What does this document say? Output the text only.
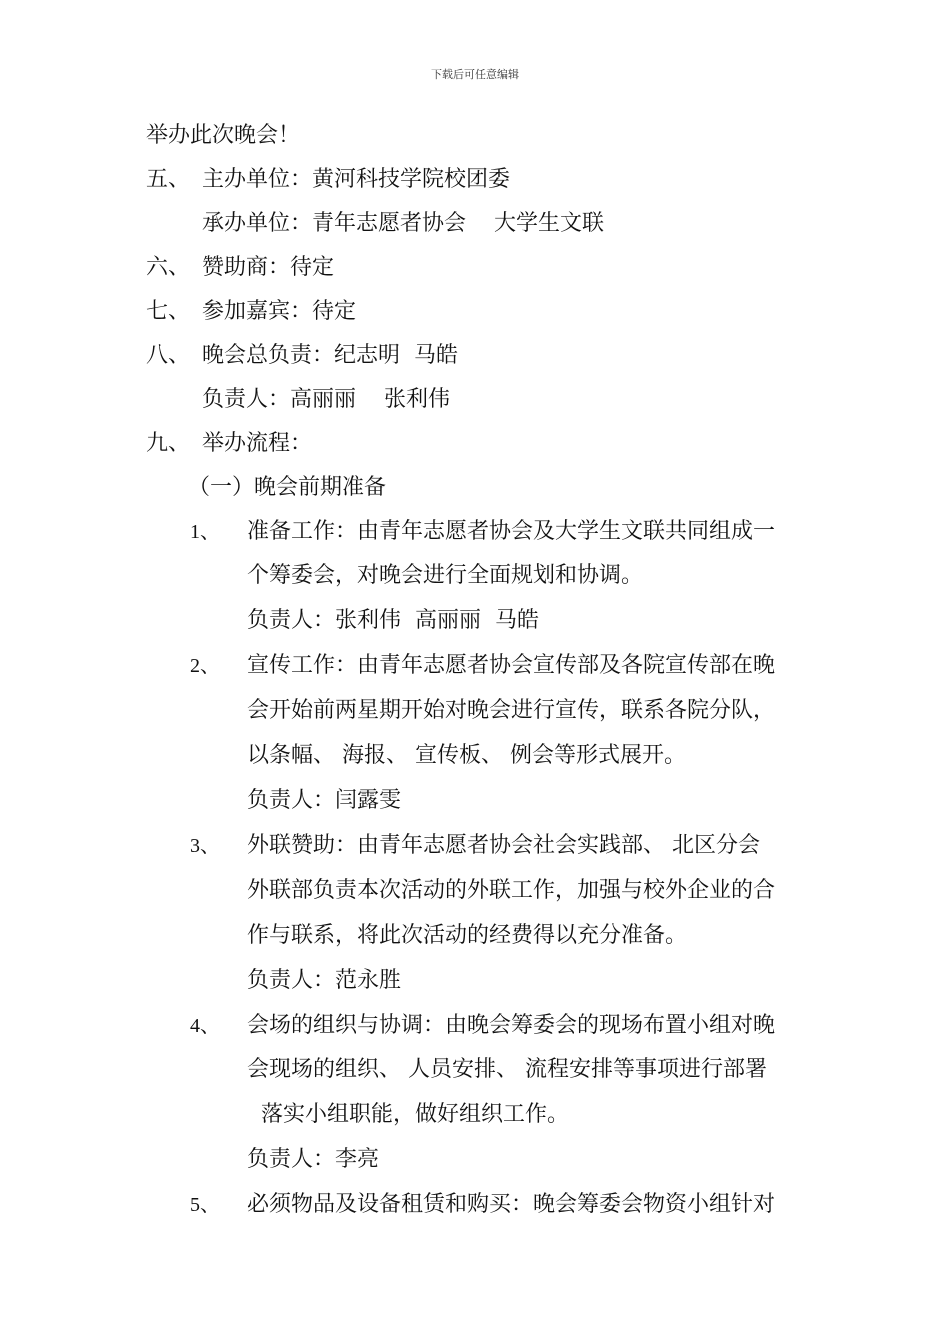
下载后可任意编辑
举办此次晚会！
五、 主办单位：黄河科技学院校团委
承办单位：青年志愿者协会    大学生文联
六、 赞助商：待定
七、 参加嘉宾：待定
八、 晚会总负责：纪志明  马皓
负责人：高丽丽    张利伟
九、 举办流程：
（一）晚会前期准备
1、 准备工作：由青年志愿者协会及大学生文联共同组成一
个筹委会，对晚会进行全面规划和协调。
负责人：张利伟  高丽丽  马皓
2、 宣传工作：由青年志愿者协会宣传部及各院宣传部在晚
会开始前两星期开始对晚会进行宣传，联系各院分队，
以条幅、 海报、 宣传板、 例会等形式展开。
负责人：闫露雯
3、 外联赞助：由青年志愿者协会社会实践部、 北区分会
外联部负责本次活动的外联工作，加强与校外企业的合
作与联系，将此次活动的经费得以充分准备。
负责人：范永胜
4、 会场的组织与协调：由晚会筹委会的现场布置小组对晚
会现场的组织、 人员安排、 流程安排等事项进行部署
落实小组职能，做好组织工作。
负责人：李亮
5、 必须物品及设备租赁和购买：晚会筹委会物资小组针对
